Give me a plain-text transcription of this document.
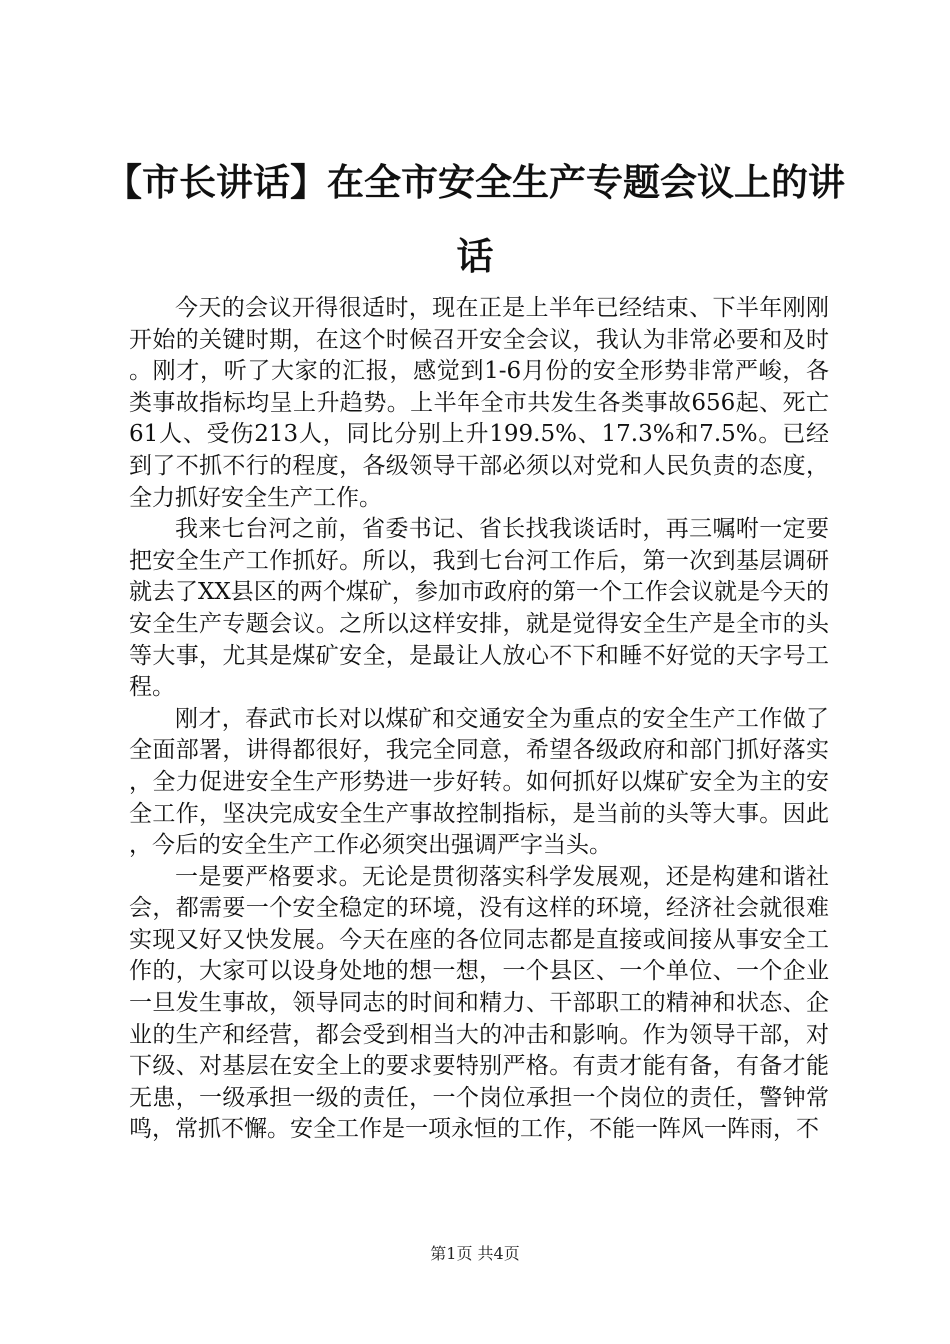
【市长讲话】在全市安全生产专题会议上的讲话

今天的会议开得很适时，现在正是上半年已经结束、下半年刚刚开始的关键时期，在这个时候召开安全会议，我认为非常必要和及时。刚才，听了大家的汇报，感觉到1-6月份的安全形势非常严峻，各类事故指标均呈上升趋势。上半年全市共发生各类事故656起、死亡61人、受伤213人，同比分别上升199.5%、17.3%和7.5%。已经到了不抓不行的程度，各级领导干部必须以对党和人民负责的态度，全力抓好安全生产工作。

我来七台河之前，省委书记、省长找我谈话时，再三嘱咐一定要把安全生产工作抓好。所以，我到七台河工作后，第一次到基层调研就去了XX县区的两个煤矿，参加市政府的第一个工作会议就是今天的安全生产专题会议。之所以这样安排，就是觉得安全生产是全市的头等大事，尤其是煤矿安全，是最让人放心不下和睡不好觉的天字号工程。

刚才，春武市长对以煤矿和交通安全为重点的安全生产工作做了全面部署，讲得都很好，我完全同意，希望各级政府和部门抓好落实，全力促进安全生产形势进一步好转。如何抓好以煤矿安全为主的安全工作，坚决完成安全生产事故控制指标，是当前的头等大事。因此，今后的安全生产工作必须突出强调严字当头。

一是要严格要求。无论是贯彻落实科学发展观，还是构建和谐社会，都需要一个安全稳定的环境，没有这样的环境，经济社会就很难实现又好又快发展。今天在座的各位同志都是直接或间接从事安全工作的，大家可以设身处地的想一想，一个县区、一个单位、一个企业一旦发生事故，领导同志的时间和精力、干部职工的精神和状态、企业的生产和经营，都会受到相当大的冲击和影响。作为领导干部，对下级、对基层在安全上的要求要特别严格。有责才能有备，有备才能无患，一级承担一级的责任，一个岗位承担一个岗位的责任，警钟常鸣，常抓不懈。安全工作是一项永恒的工作，不能一阵风一阵雨，不

第1页 共4页
